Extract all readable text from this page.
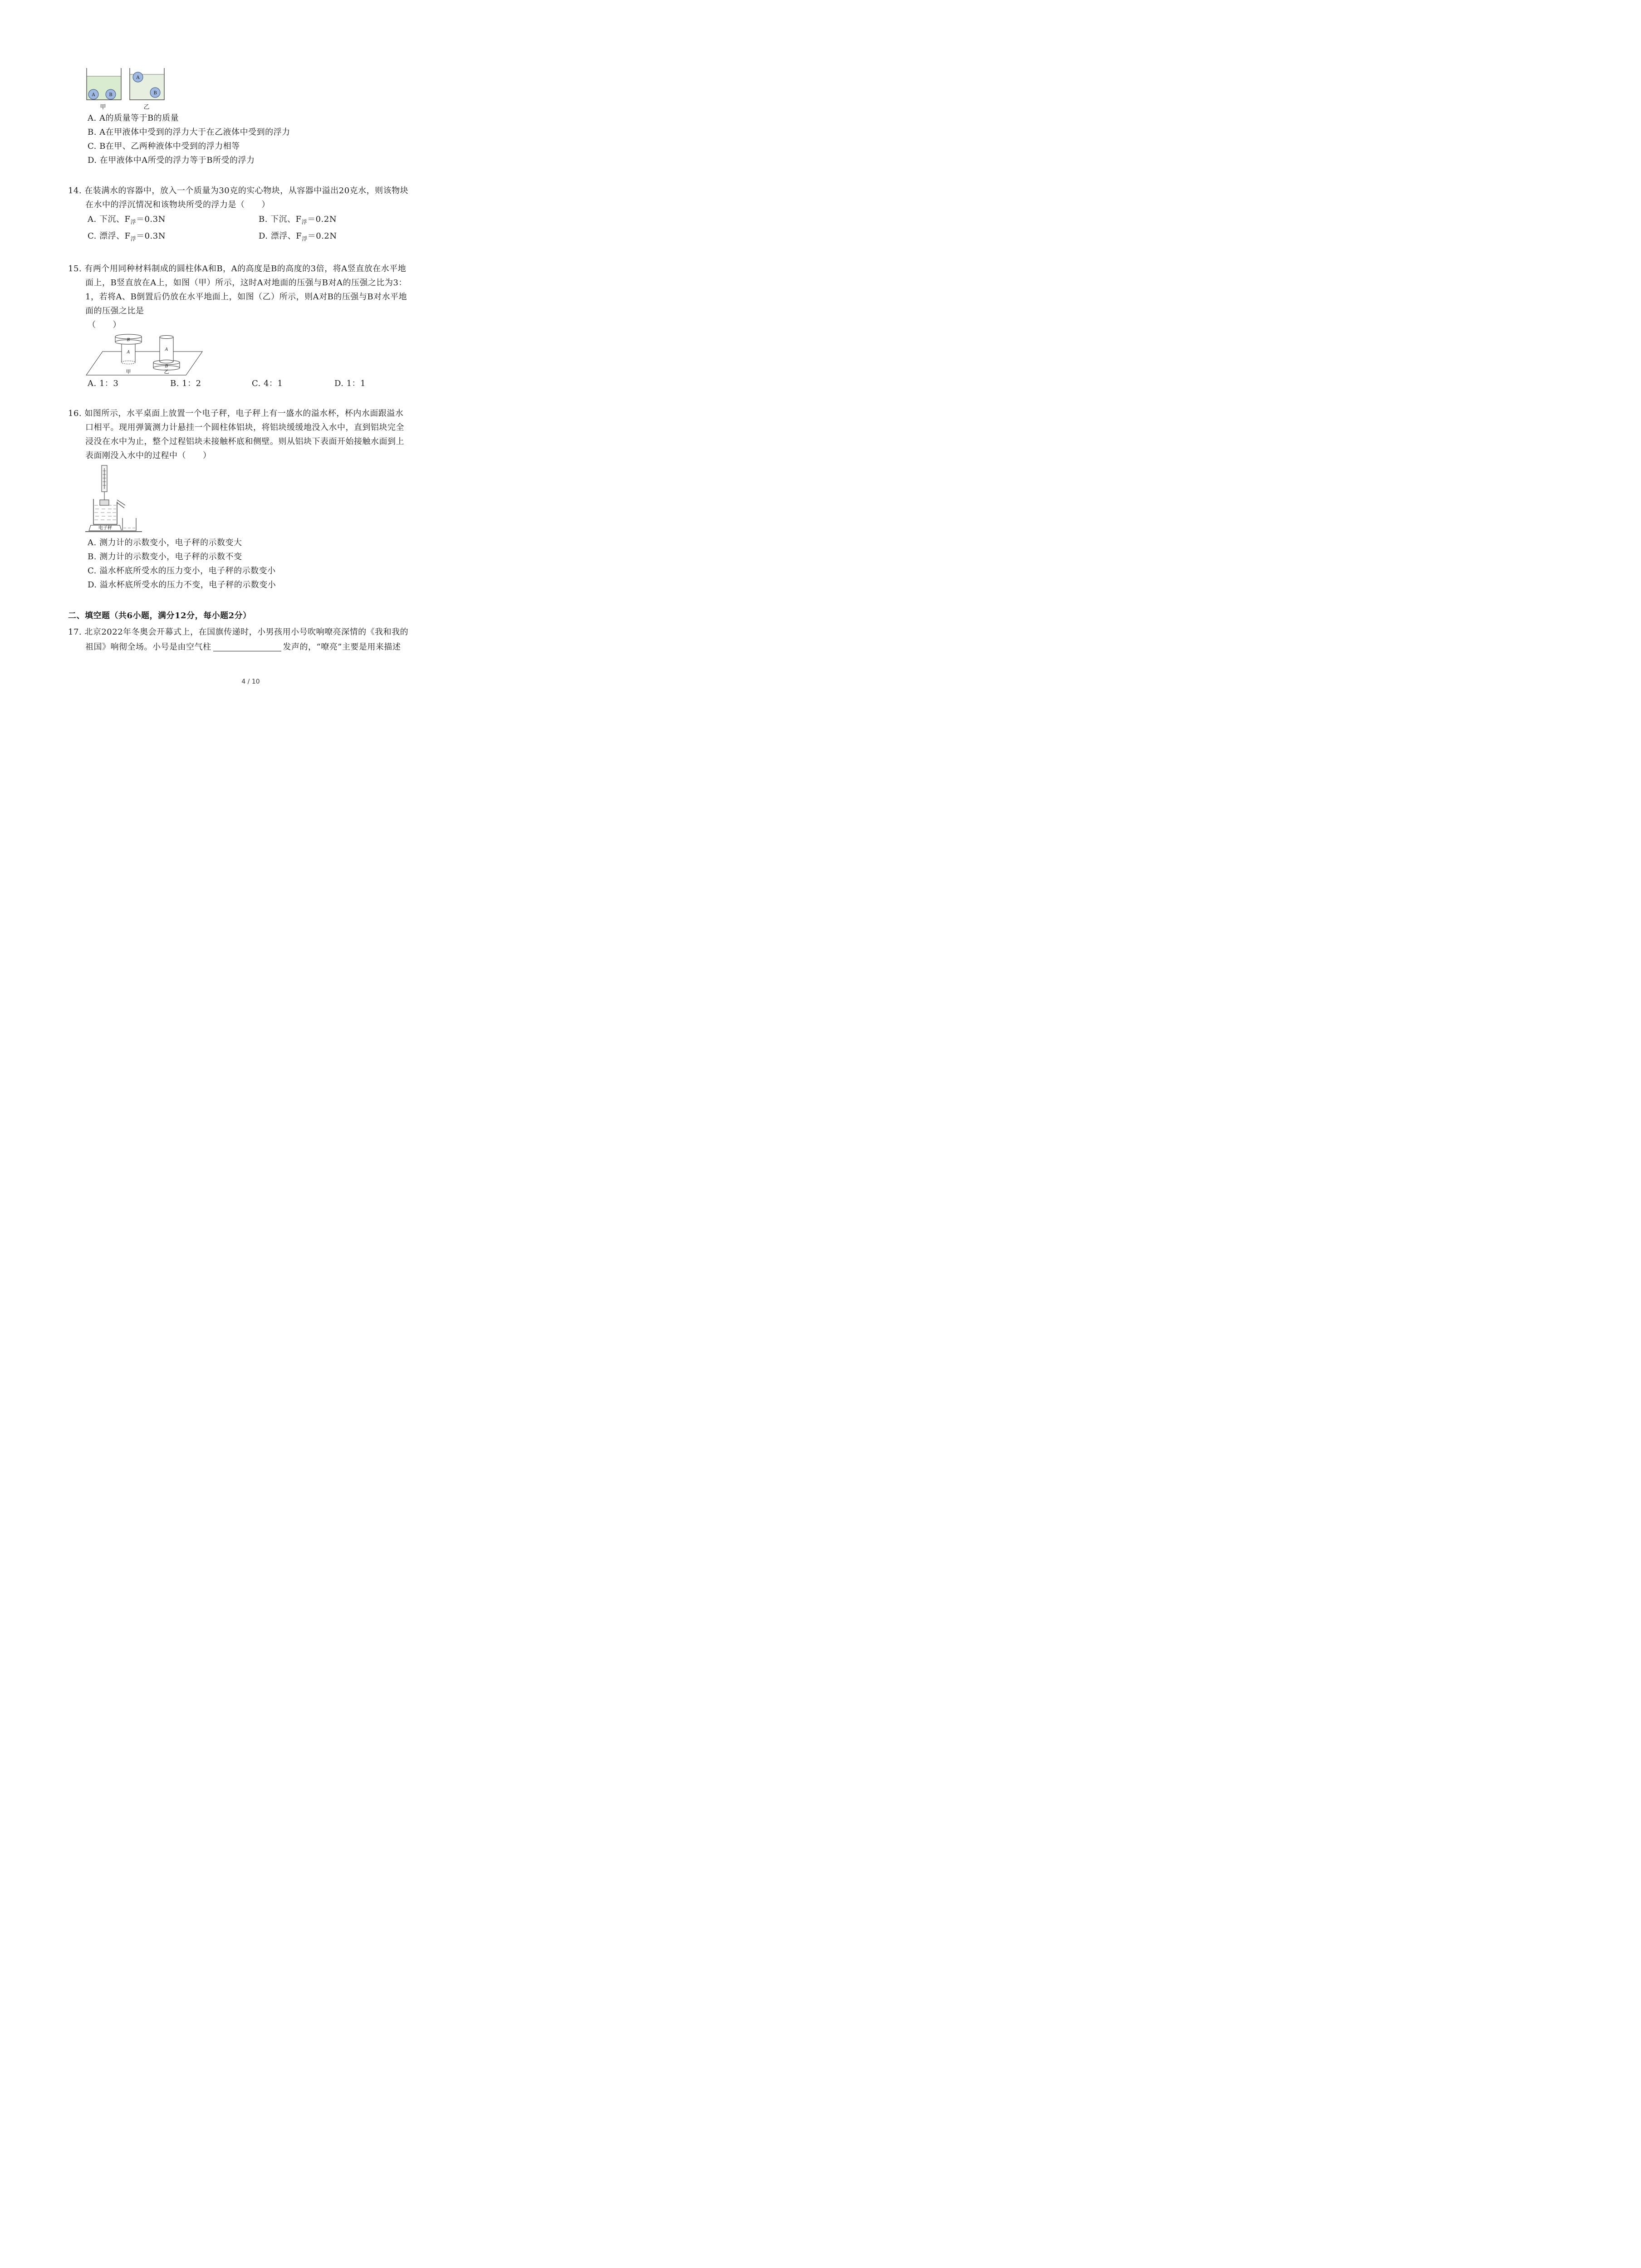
A	B
A
B
甲	乙
A. A的质量等于B的质量
B. A在甲液体中受到的浮力大于在乙液体中受到的浮力
C. B在甲、乙两种液体中受到的浮力相等
D. 在甲液体中A所受的浮力等于B所受的浮力
14. 在装满水的容器中，放入一个质量为30克的实心物块，从容器中溢出20克水，则该物块
在水中的浮沉情况和该物块所受的浮力是（　　）
A. 下沉、$F_浮=0.3N$	B. 下沉、$F_浮=0.2N$
C. 漂浮、$F_浮=0.3N$	D. 漂浮、$F_浮=0.2N$
15. 有两个用同种材料制成的圆柱体A和B，A的高度是B的高度的3倍，将A竖直放在水平地
面上，B竖直放在A上，如图（甲）所示，这时A对地面的压强与B对A的压强之比为3：
1，若将A、B倒置后仍放在水平地面上，如图（乙）所示，则A对B的压强与B对水平地
面的压强之比是
（　　）
B
A
A
B
甲	乙
A. 1：3	B. 1：2	C. 4：1	D. 1：1
16. 如图所示，水平桌面上放置一个电子秤，电子秤上有一盛水的溢水杯，杯内水面跟溢水
口相平。现用弹簧测力计悬挂一个圆柱体铝块，将铝块缓缓地没入水中，直到铝块完全
浸没在水中为止，整个过程铝块未接触杯底和侧壁。则从铝块下表面开始接触水面到上
表面刚没入水中的过程中（　　）
电子秤
A. 测力计的示数变小，电子秤的示数变大
B. 测力计的示数变小，电子秤的示数不变
C. 溢水杯底所受水的压力变小，电子秤的示数变小
D. 溢水杯底所受水的压力不变，电子秤的示数变小
二、填空题（共6小题，满分12分，每小题2分）
17. 北京2022年冬奥会开幕式上，在国旗传递时，小男孩用小号吹响嘹亮深情的《我和我的
祖国》响彻全场。小号是由空气柱	发声的，“嘹亮”主要是用来描述
4 / 10
